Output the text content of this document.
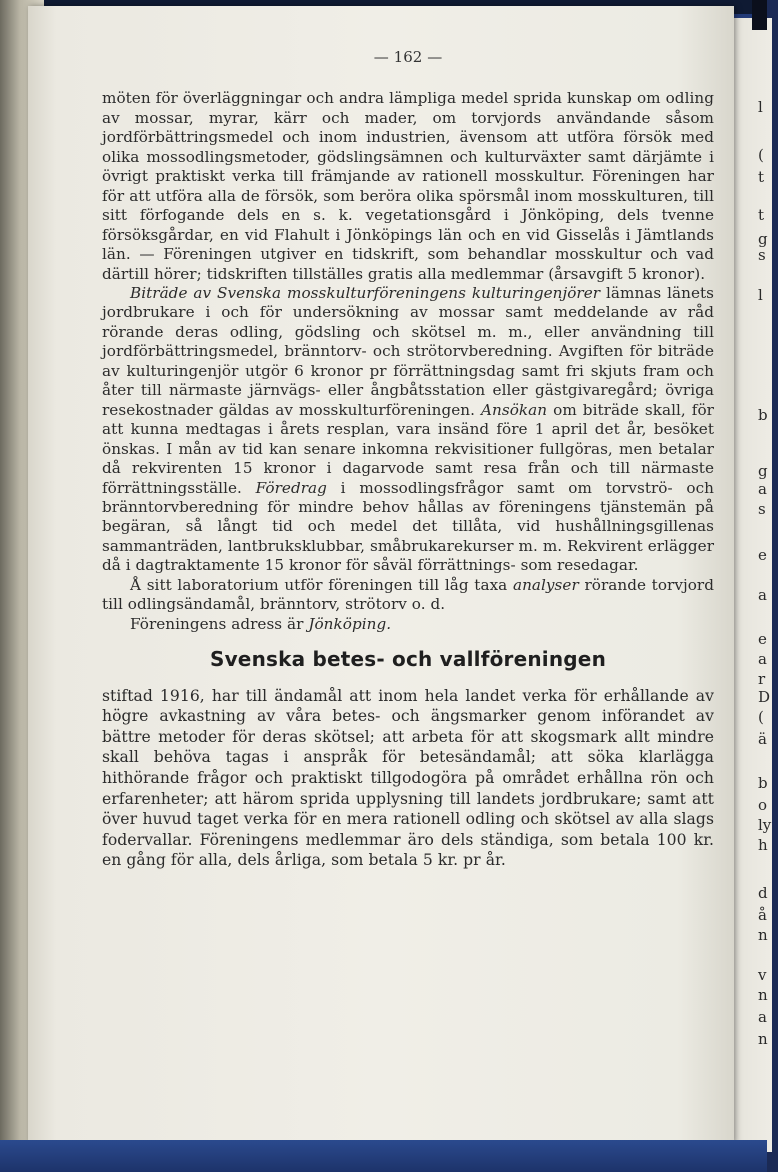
l
(
t
t
g
s
l
b
g
a
s
e
a
e
a
r
D
(
ä
b
o
ly
h
d
å
n
v
n
a
n
— 162 —

möten för överläggningar och andra lämpliga medel sprida kunskap om odling av mossar, myrar, kärr och mader, om torvjords användande såsom jordförbättringsmedel och inom industrien, ävensom att utföra försök med olika mossodlingsmetoder, gödslingsämnen och kulturväxter samt därjämte i övrigt praktiskt verka till främjande av rationell mosskultur. Föreningen har för att utföra alla de försök, som beröra olika spörsmål inom mosskulturen, till sitt förfogande dels en s. k. vegetationsgård i Jönköping, dels tvenne försöksgårdar, en vid Flahult i Jönköpings län och en vid Gisselås i Jämtlands län. — Föreningen utgiver en tidskrift, som behandlar mosskultur och vad därtill hörer; tidskriften tillställes gratis alla medlemmar (årsavgift 5 kronor).

Biträde av Svenska mosskulturföreningens kulturingenjörer lämnas länets jordbrukare i och för undersökning av mossar samt meddelande av råd rörande deras odling, gödsling och skötsel m. m., eller användning till jordförbättringsmedel, bränntorv- och strötorvberedning. Avgiften för biträde av kulturingenjör utgör 6 kronor pr förrättningsdag samt fri skjuts fram och åter till närmaste järnvägs- eller ångbåtsstation eller gästgivaregård; övriga resekostnader gäldas av mosskulturföreningen. Ansökan om biträde skall, för att kunna medtagas i årets resplan, vara insänd före 1 april det år, besöket önskas. I mån av tid kan senare inkomna rekvisitioner fullgöras, men betalar då rekvirenten 15 kronor i dagarvode samt resa från och till närmaste förrättningsställe. Föredrag i mossodlingsfrågor samt om torvströ- och bränntorvberedning för mindre behov hållas av föreningens tjänstemän på begäran, så långt tid och medel det tillåta, vid hushållningsgillenas sammanträden, lantbruksklubbar, småbrukarekurser m. m. Rekvirent erlägger då i dagtraktamente 15 kronor för såväl förrättnings- som resedagar.

Å sitt laboratorium utför föreningen till låg taxa analyser rörande torvjord till odlingsändamål, bränntorv, strötorv o. d.

Föreningens adress är Jönköping.

Svenska betes- och vallföreningen

stiftad 1916, har till ändamål att inom hela landet verka för erhållande av högre avkastning av våra betes- och ängsmarker genom införandet av bättre metoder för deras skötsel; att arbeta för att skogsmark allt mindre skall behöva tagas i anspråk för betesändamål; att söka klarlägga hithörande frågor och praktiskt tillgodogöra på området erhållna rön och erfarenheter; att härom sprida upplysning till landets jordbrukare; samt att över huvud taget verka för en mera rationell odling och skötsel av alla slags fodervallar. Föreningens medlemmar äro dels ständiga, som betala 100 kr. en gång för alla, dels årliga, som betala 5 kr. pr år.
